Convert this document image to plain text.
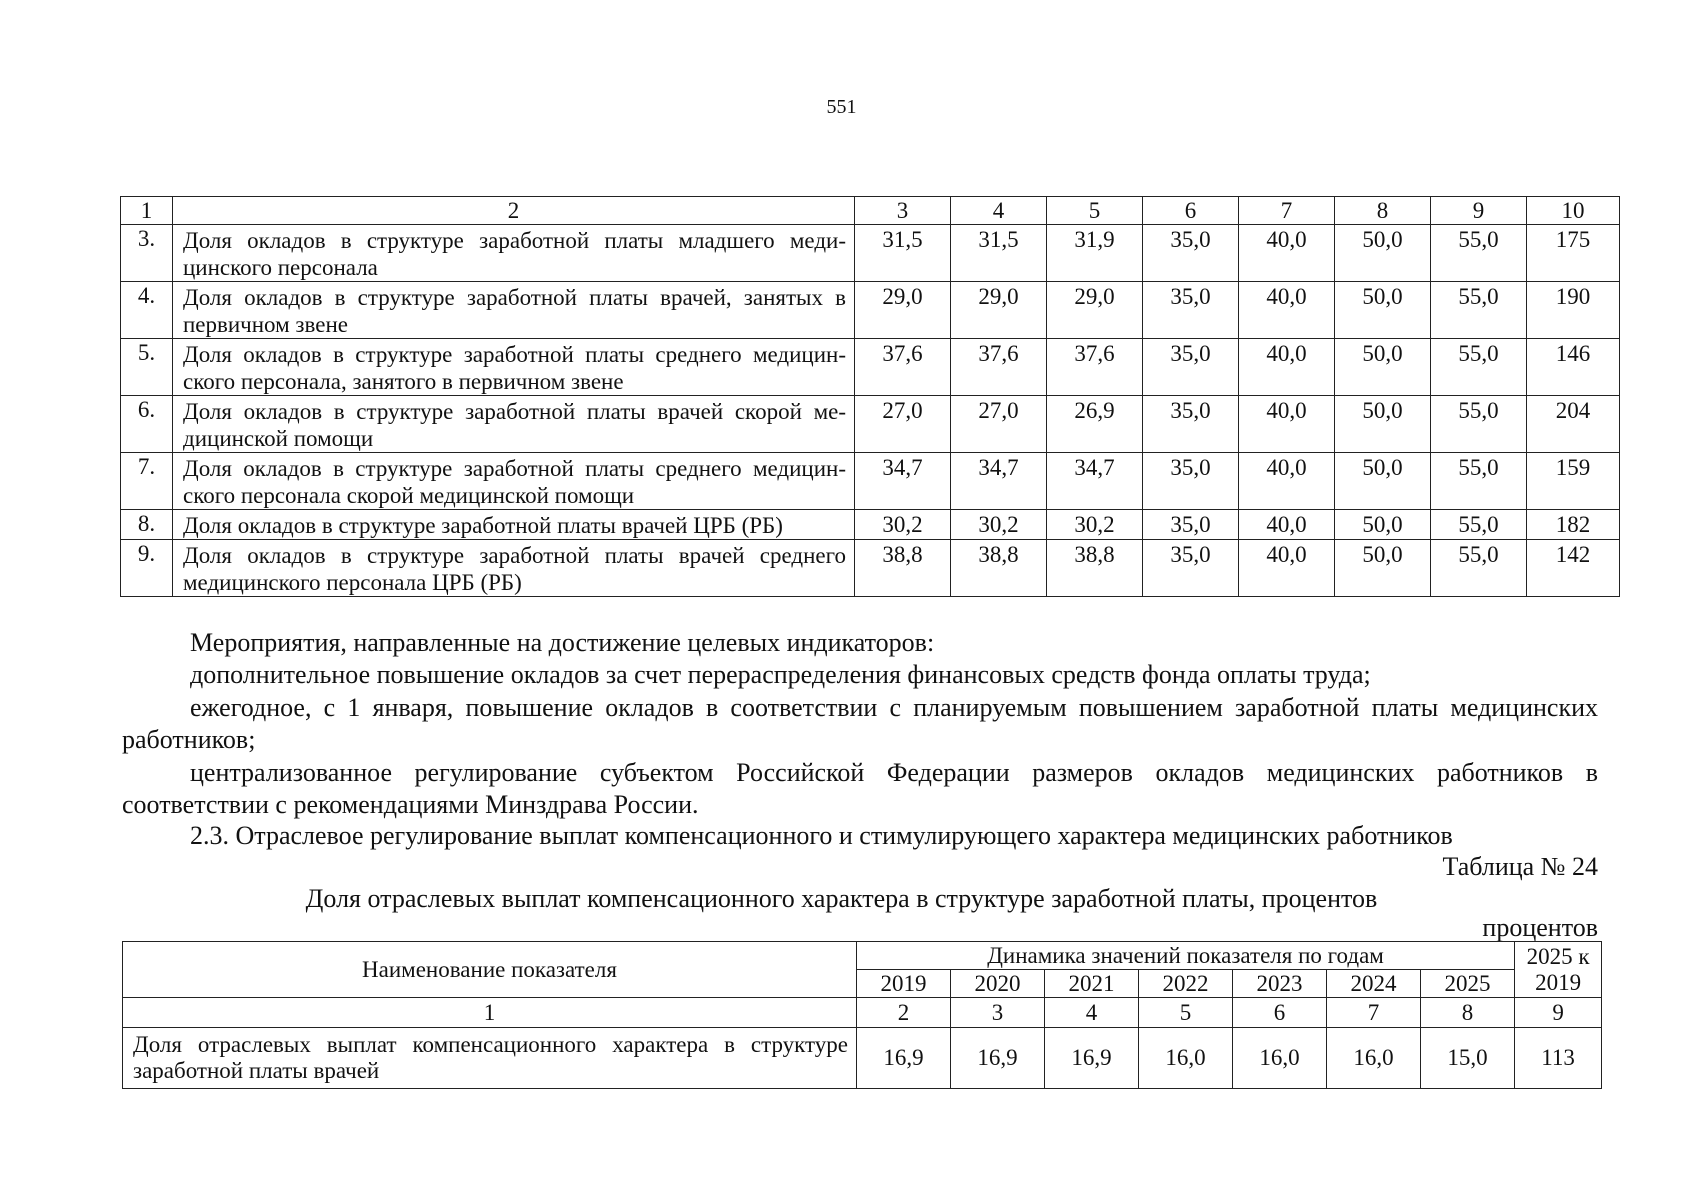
551
1	2	3	4	5	6	7	8	9	10
3.	Доля окладов в структуре заработной платы младшего меди-цинского персонала	31,5	31,5	31,9	35,0	40,0	50,0	55,0	175
4.	Доля окладов в структуре заработной платы врачей, занятых в первичном звене	29,0	29,0	29,0	35,0	40,0	50,0	55,0	190
5.	Доля окладов в структуре заработной платы среднего медицин-ского персонала, занятого в первичном звене	37,6	37,6	37,6	35,0	40,0	50,0	55,0	146
6.	Доля окладов в структуре заработной платы врачей скорой ме-дицинской помощи	27,0	27,0	26,9	35,0	40,0	50,0	55,0	204
7.	Доля окладов в структуре заработной платы среднего медицин-ского персонала скорой медицинской помощи	34,7	34,7	34,7	35,0	40,0	50,0	55,0	159
8.	Доля окладов в структуре заработной платы врачей ЦРБ (РБ)	30,2	30,2	30,2	35,0	40,0	50,0	55,0	182
9.	Доля окладов в структуре заработной платы врачей среднего медицинского персонала ЦРБ (РБ)	38,8	38,8	38,8	35,0	40,0	50,0	55,0	142
Мероприятия, направленные на достижение целевых индикаторов:
дополнительное повышение окладов за счет перераспределения финансовых средств фонда оплаты труда;
ежегодное, с 1 января, повышение окладов в соответствии с планируемым повышением заработной платы медицинских работников;
централизованное регулирование субъектом Российской Федерации размеров окладов медицинских работников в соответствии с рекомендациями Минздрава России.
2.3. Отраслевое регулирование выплат компенсационного и стимулирующего характера медицинских работников
Таблица № 24
Доля отраслевых выплат компенсационного характера в структуре заработной платы, процентов
процентов
Наименование показателя	Динамика значений показателя по годам							2025 к 2019
	2019	2020	2021	2022	2023	2024	2025	
1	2	3	4	5	6	7	8	9
Доля отраслевых выплат компенсационного характера в структуре заработной платы врачей	16,9	16,9	16,9	16,0	16,0	16,0	15,0	113
